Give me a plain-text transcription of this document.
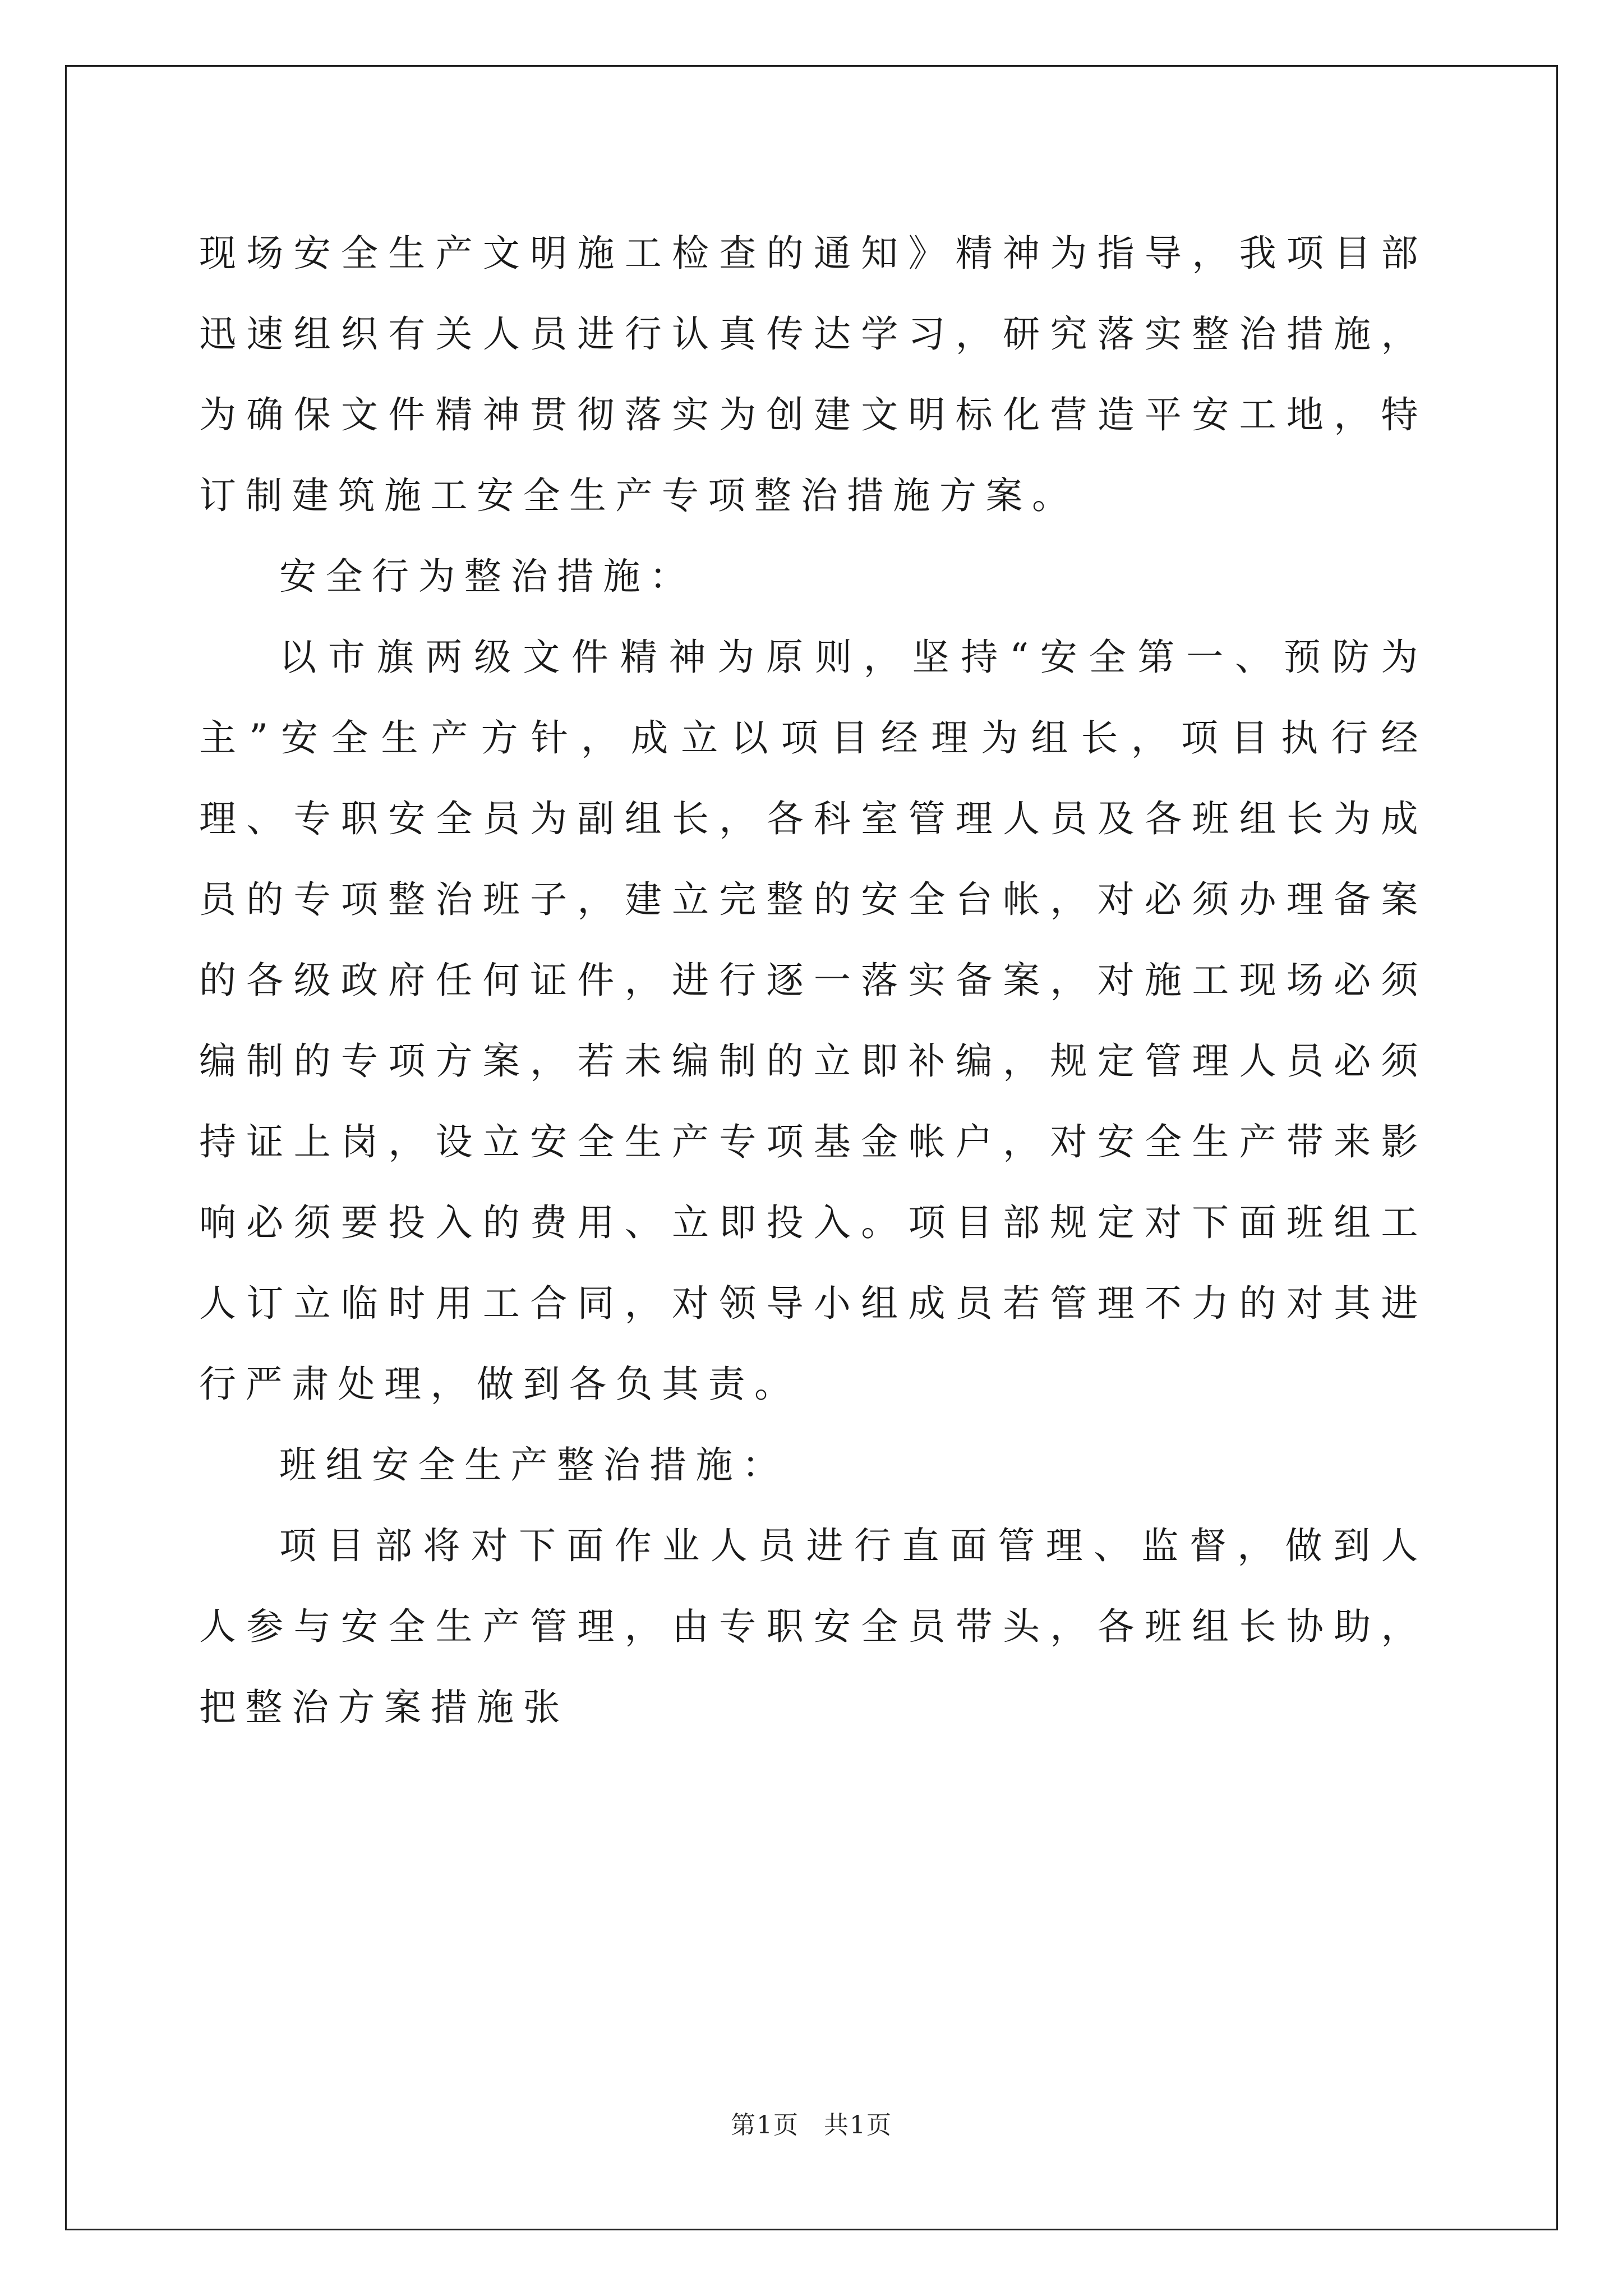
现场安全生产文明施工检查的通知》精神为指导，我项目部迅速组织有关人员进行认真传达学习，研究落实整治措施，为确保文件精神贯彻落实为创建文明标化营造平安工地，特订制建筑施工安全生产专项整治措施方案。

安全行为整治措施：

以市旗两级文件精神为原则，坚持“安全第一、预防为主”安全生产方针，成立以项目经理为组长，项目执行经理、专职安全员为副组长，各科室管理人员及各班组长为成员的专项整治班子，建立完整的安全台帐，对必须办理备案的各级政府任何证件，进行逐一落实备案，对施工现场必须编制的专项方案，若未编制的立即补编，规定管理人员必须持证上岗，设立安全生产专项基金帐户，对安全生产带来影响必须要投入的费用、立即投入。项目部规定对下面班组工人订立临时用工合同，对领导小组成员若管理不力的对其进行严肃处理，做到各负其责。

班组安全生产整治措施：

项目部将对下面作业人员进行直面管理、监督，做到人人参与安全生产管理，由专职安全员带头，各班组长协助，把整治方案措施张

第1页 共1页
